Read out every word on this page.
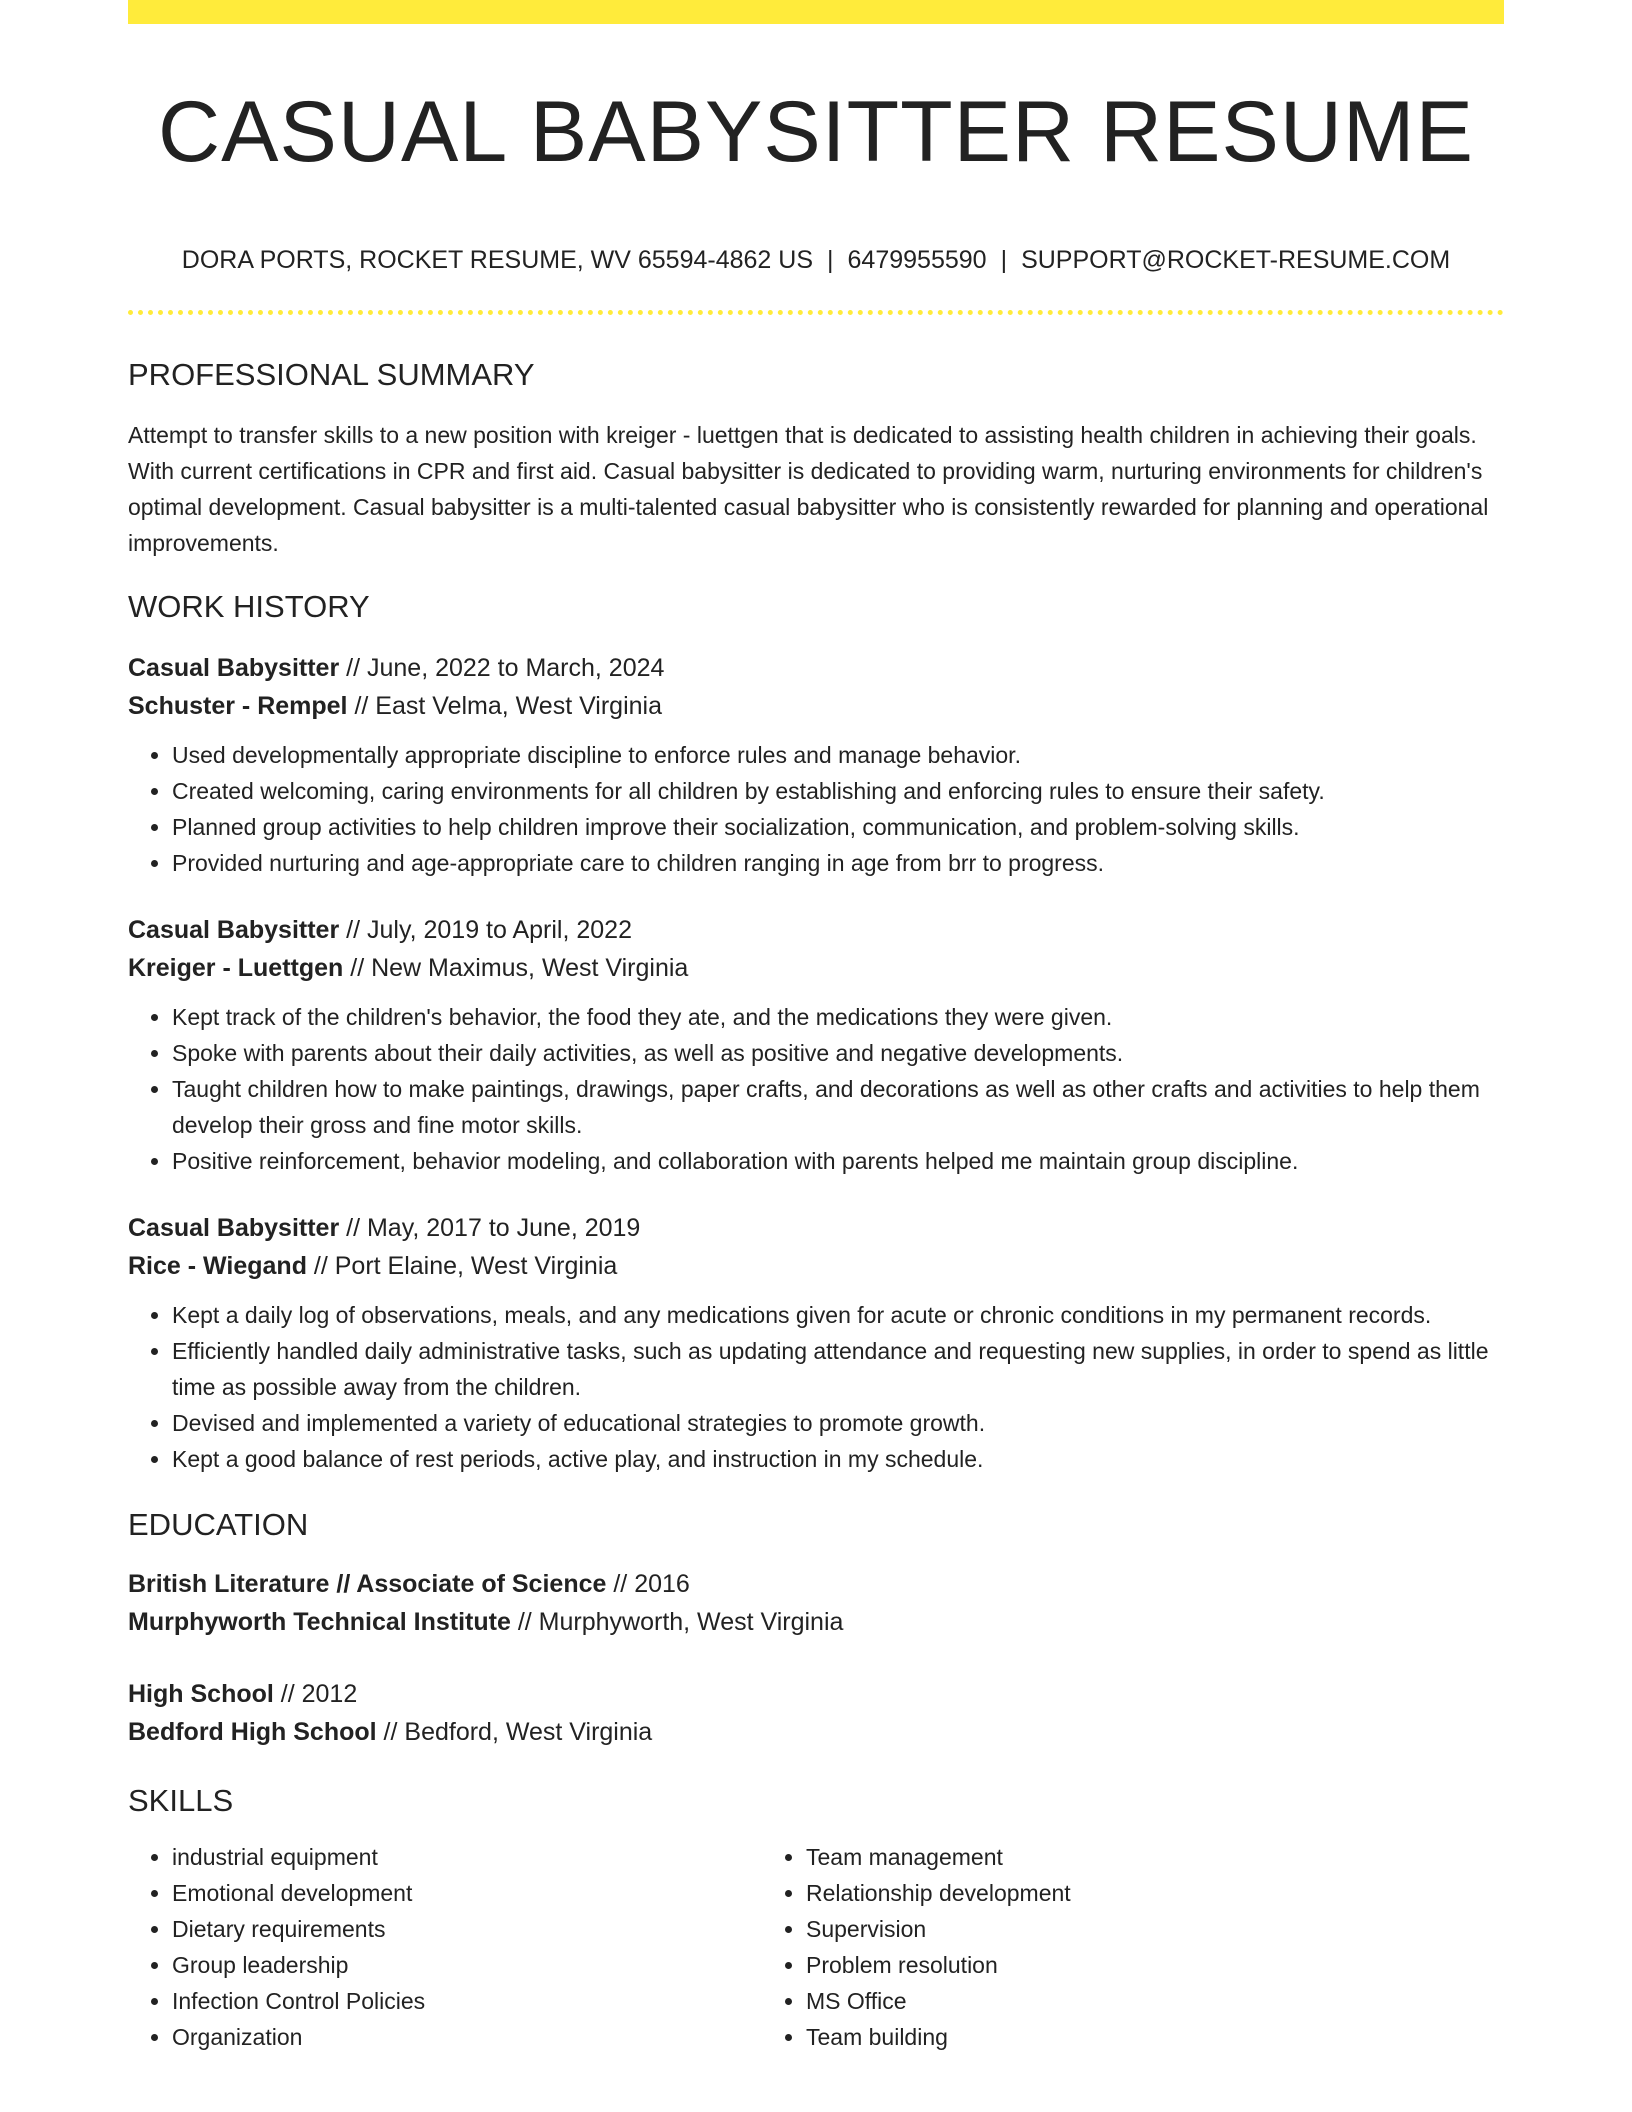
CASUAL BABYSITTER RESUME
DORA PORTS, ROCKET RESUME, WV 65594-4862 US | 6479955590 | SUPPORT@ROCKET-RESUME.COM
PROFESSIONAL SUMMARY
Attempt to transfer skills to a new position with kreiger - luettgen that is dedicated to assisting health children in achieving their goals. With current certifications in CPR and first aid. Casual babysitter is dedicated to providing warm, nurturing environments for children's optimal development. Casual babysitter is a multi-talented casual babysitter who is consistently rewarded for planning and operational improvements.
WORK HISTORY
Casual Babysitter // June, 2022 to March, 2024
Schuster - Rempel // East Velma, West Virginia
• Used developmentally appropriate discipline to enforce rules and manage behavior.
• Created welcoming, caring environments for all children by establishing and enforcing rules to ensure their safety.
• Planned group activities to help children improve their socialization, communication, and problem-solving skills.
• Provided nurturing and age-appropriate care to children ranging in age from brr to progress.
Casual Babysitter // July, 2019 to April, 2022
Kreiger - Luettgen // New Maximus, West Virginia
• Kept track of the children's behavior, the food they ate, and the medications they were given.
• Spoke with parents about their daily activities, as well as positive and negative developments.
• Taught children how to make paintings, drawings, paper crafts, and decorations as well as other crafts and activities to help them develop their gross and fine motor skills.
• Positive reinforcement, behavior modeling, and collaboration with parents helped me maintain group discipline.
Casual Babysitter // May, 2017 to June, 2019
Rice - Wiegand // Port Elaine, West Virginia
• Kept a daily log of observations, meals, and any medications given for acute or chronic conditions in my permanent records.
• Efficiently handled daily administrative tasks, such as updating attendance and requesting new supplies, in order to spend as little time as possible away from the children.
• Devised and implemented a variety of educational strategies to promote growth.
• Kept a good balance of rest periods, active play, and instruction in my schedule.
EDUCATION
British Literature // Associate of Science // 2016
Murphyworth Technical Institute // Murphyworth, West Virginia
High School // 2012
Bedford High School // Bedford, West Virginia
SKILLS
• industrial equipment
• Emotional development
• Dietary requirements
• Group leadership
• Infection Control Policies
• Organization
• Team management
• Relationship development
• Supervision
• Problem resolution
• MS Office
• Team building
